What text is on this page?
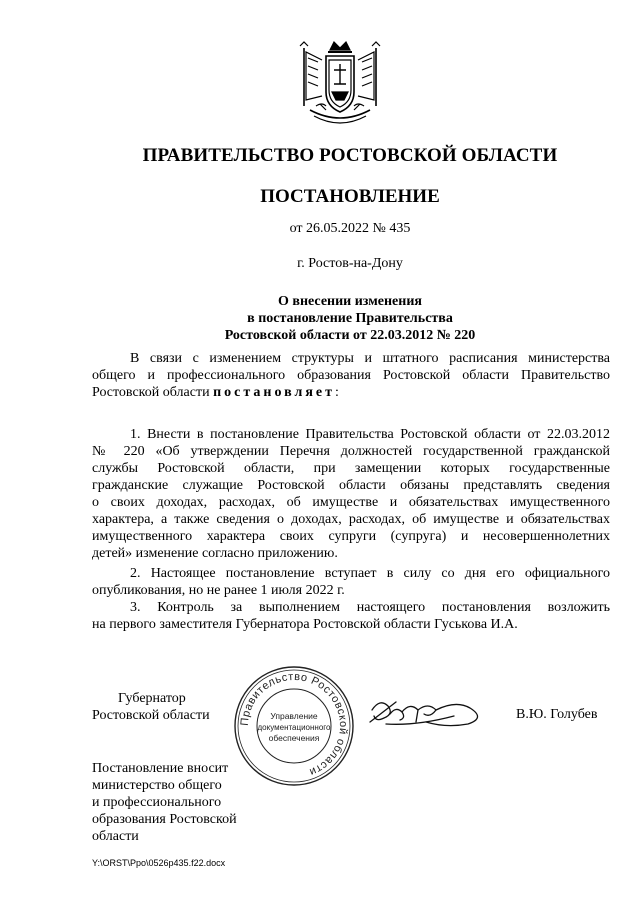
ПРАВИТЕЛЬСТВО РОСТОВСКОЙ ОБЛАСТИ
ПОСТАНОВЛЕНИЕ
от 26.05.2022 № 435
г. Ростов-на-Дону
О внесении изменения
в постановление Правительства
Ростовской области от 22.03.2012 № 220
В связи с изменением структуры и штатного расписания министерства
общего и профессионального образования Ростовской области Правительство
Ростовской области постановляет:
1. Внести в постановление Правительства Ростовской области от 22.03.2012
№ 220 «Об утверждении Перечня должностей государственной гражданской
службы Ростовской области, при замещении которых государственные
гражданские служащие Ростовской области обязаны представлять сведения
о своих доходах, расходах, об имуществе и обязательствах имущественного
характера, а также сведения о доходах, расходах, об имуществе и обязательствах
имущественного характера своих супруги (супруга) и несовершеннолетних
детей» изменение согласно приложению.
2. Настоящее постановление вступает в силу со дня его официального
опубликования, но не ранее 1 июля 2022 г.
3. Контроль за выполнением настоящего постановления возложить
на первого заместителя Губернатора Ростовской области Гуськова И.А.
Губернатор
Ростовской области	Правительство Ростовской области
Управление
документационного
обеспечения
В.Ю. Голубев
Постановление вносит
министерство общего
и профессионального
образования Ростовской
области
Y:\ORST\Ppo\0526p435.f22.docx
